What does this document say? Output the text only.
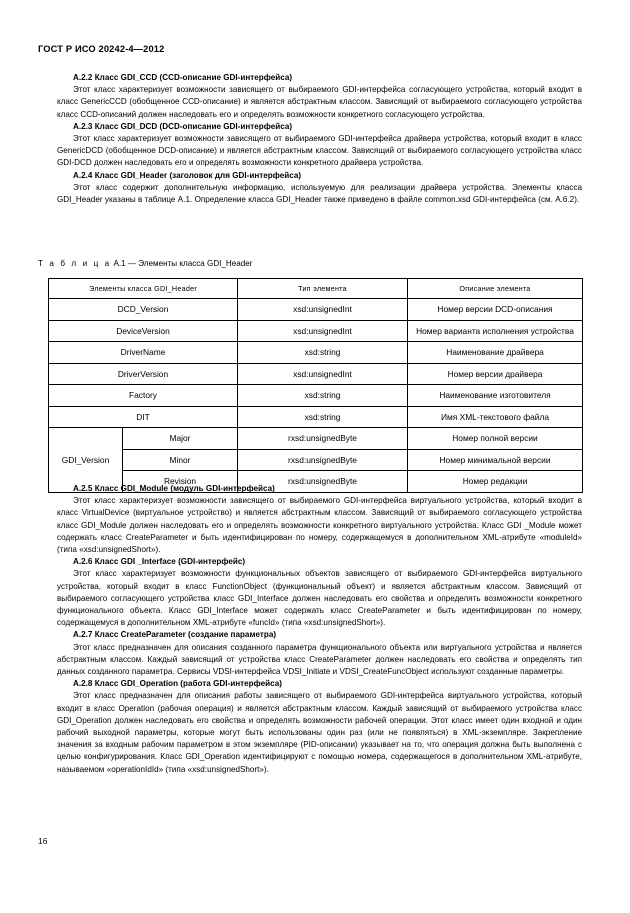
ГОСТ Р ИСО 20242-4—2012
A.2.2 Класс GDI_CCD (CCD-описание GDI-интерфейса)

Этот класс характеризует возможности зависящего от выбираемого GDI-интерфейса согласующего устройства, который входит в класс GenericCCD (обобщенное CCD-описание) и является абстрактным классом. Зависящий от выбираемого согласующего устройства класс CCD-описаний должен наследовать его и определять возможности конкретного согласующего устройства.

A.2.3 Класс GDI_DCD (DCD-описание GDI-интерфейса)

Этот класс характеризует возможности зависящего от выбираемого GDI-интерфейса драйвера устройства, который входит в класс GenericDCD (обобщенное DCD-описание) и является абстрактным классом. Зависящий от выбираемого согласующего устройства класс GDI-DCD должен наследовать его и определять возможности конкретного драйвера устройства.

A.2.4 Класс GDI_Header (заголовок для GDI-интерфейса)

Этот класс содержит дополнительную информацию, используемую для реализации драйвера устройства. Элементы класса GDI_Header указаны в таблице А.1. Определение класса GDI_Header также приведено в файле common.xsd GDI-интерфейса (см. А.6.2).

Т а б л и ц а А.1 — Элементы класса GDI_Header
Элементы класса GDI_Header		Тип элемента	Описание элемента
DCD_Version		xsd:unsignedInt	Номер версии DCD-описания
DeviceVersion		xsd:unsignedInt	Номер варианта исполнения устройства
DriverName		xsd:string	Наименование драйвера
DriverVersion		xsd:unsignedInt	Номер версии драйвера
Factory		xsd:string	Наименование изготовителя
DIT		xsd:string	Имя XML-текстового файла
GDI_Version	Major	rxsd:unsignedByte	Номер полной версии
	Minor	rxsd:unsignedByte	Номер минимальной версии
	Revision	rxsd:unsignedByte	Номер редакции
A.2.5 Класс GDI_Module (модуль GDI-интерфейса)

Этот класс характеризует возможности зависящего от выбираемого GDI-интерфейса виртуального устройства, который входит в класс VirtualDevice (виртуальное устройство) и является абстрактным классом. Зависящий от выбираемого согласующего устройства класс GDI_Module должен наследовать его и определять возможности конкретного виртуального устройства. Класс GDI _Module может содержать класс CreateParameter и быть идентифицирован по номеру, содержащемуся в дополнительном XML-атрибуте «moduleId» (типа «xsd:unsignedShort»).

A.2.6 Класс GDI _Interface (GDI-интерфейс)

Этот класс характеризует возможности функциональных объектов зависящего от выбираемого GDI-интерфейса виртуального устройства, который входит в класс FunctionObject (функциональный объект) и является абстрактным классом. Зависящий от выбираемого согласующего устройства класс GDI_Interface должен наследовать его свойства и определять возможности конкретного функционального объекта. Класс GDI_Interface может содержать класс CreateParameter и быть идентифицирован по номеру, содержащемуся в дополнительном XML-атрибуте «funcId» (типа «xsd:unsignedShort»).

A.2.7 Класс CreateParameter (создание параметра)

Этот класс предназначен для описания созданного параметра функционального объекта или виртуального устройства и является абстрактным классом. Каждый зависящий от устройства класс CreateParameter должен наследовать его свойства и определять тип данных созданного параметра. Сервисы VDSI-интерфейса VDSI_Initiate и VDSI_CreateFuncObject используют созданные параметры.

A.2.8 Класс GDI_Operation (работа GDI-интерфейса)

Этот класс предназначен для описания работы зависящего от выбираемого GDI-интерфейса виртуального устройства, который входит в класс Operation (рабочая операция) и является абстрактным классом. Каждый зависящий от выбираемого устройства класс GDI_Operation должен наследовать его свойства и определять возможности рабочей операции. Этот класс имеет один входной и один рабочий выходной параметры, которые могут быть использованы один раз (или не появляться) в XML-экземпляре. Закрепление значения за входным рабочим параметром в этом экземпляре (PID-описании) указывает на то, что операция должна быть выполнена с целью конфигурирования. Класс GDI_Operation идентифицируют с помощью номера, содержащегося в дополнительном XML-атрибуте, называемом «operationIdId» (типа «xsd:unsignedShort»).

16
